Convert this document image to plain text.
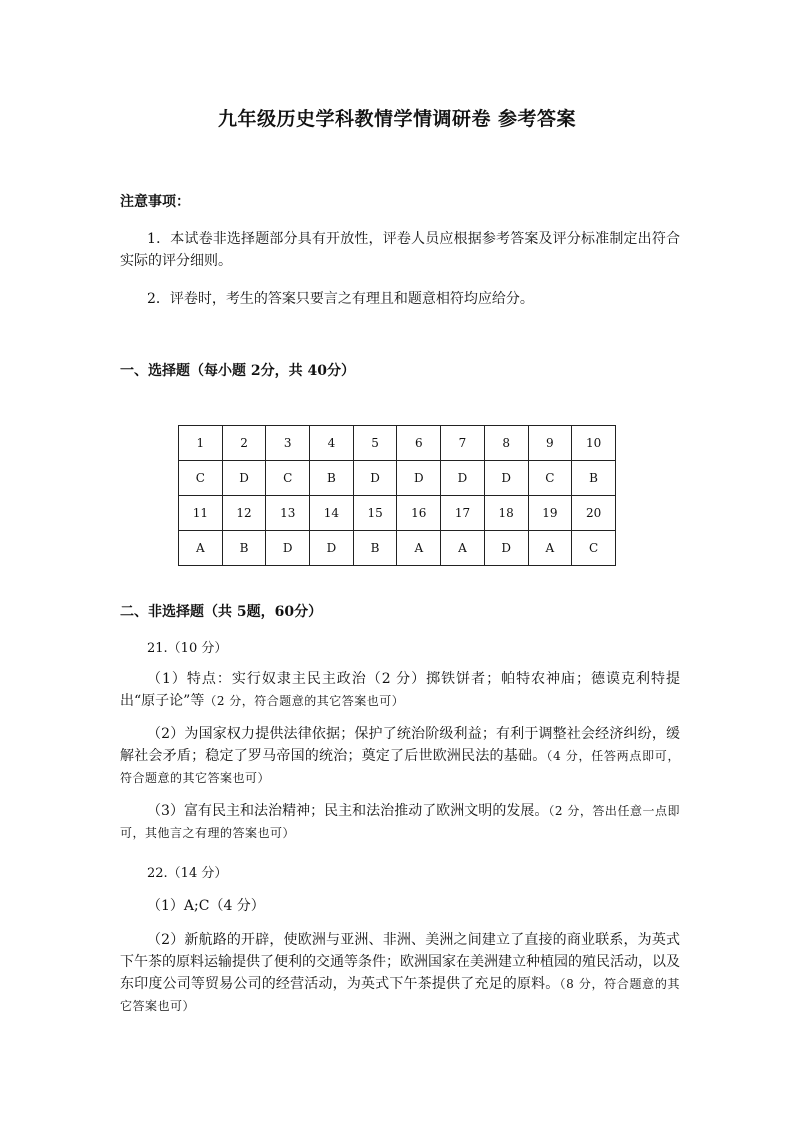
九年级历史学科教情学情调研卷 参考答案
注意事项：
1．本试卷非选择题部分具有开放性，评卷人员应根据参考答案及评分标准制定出符合实际的评分细则。
2．评卷时，考生的答案只要言之有理且和题意相符均应给分。
一、选择题（每小题 2分，共 40分）
1	2	3	4	5	6	7	8	9	10
C	D	C	B	D	D	D	D	C	B
11	12	13	14	15	16	17	18	19	20
A	B	D	D	B	A	A	D	A	C
二、非选择题（共 5题，60分）
21.（10 分）
（1）特点：实行奴隶主民主政治（2 分）掷铁饼者；帕特农神庙；德谟克利特提出“原子论”等（2 分，符合题意的其它答案也可）
（2）为国家权力提供法律依据；保护了统治阶级利益；有利于调整社会经济纠纷，缓解社会矛盾；稳定了罗马帝国的统治；奠定了后世欧洲民法的基础。（4 分，任答两点即可，符合题意的其它答案也可）
（3）富有民主和法治精神；民主和法治推动了欧洲文明的发展。（2 分，答出任意一点即可，其他言之有理的答案也可）
22.（14 分）
（1）A;C（4 分）
（2）新航路的开辟，使欧洲与亚洲、非洲、美洲之间建立了直接的商业联系，为英式下午茶的原料运输提供了便利的交通等条件；欧洲国家在美洲建立种植园的殖民活动，以及东印度公司等贸易公司的经营活动，为英式下午茶提供了充足的原料。（8 分，符合题意的其它答案也可）
